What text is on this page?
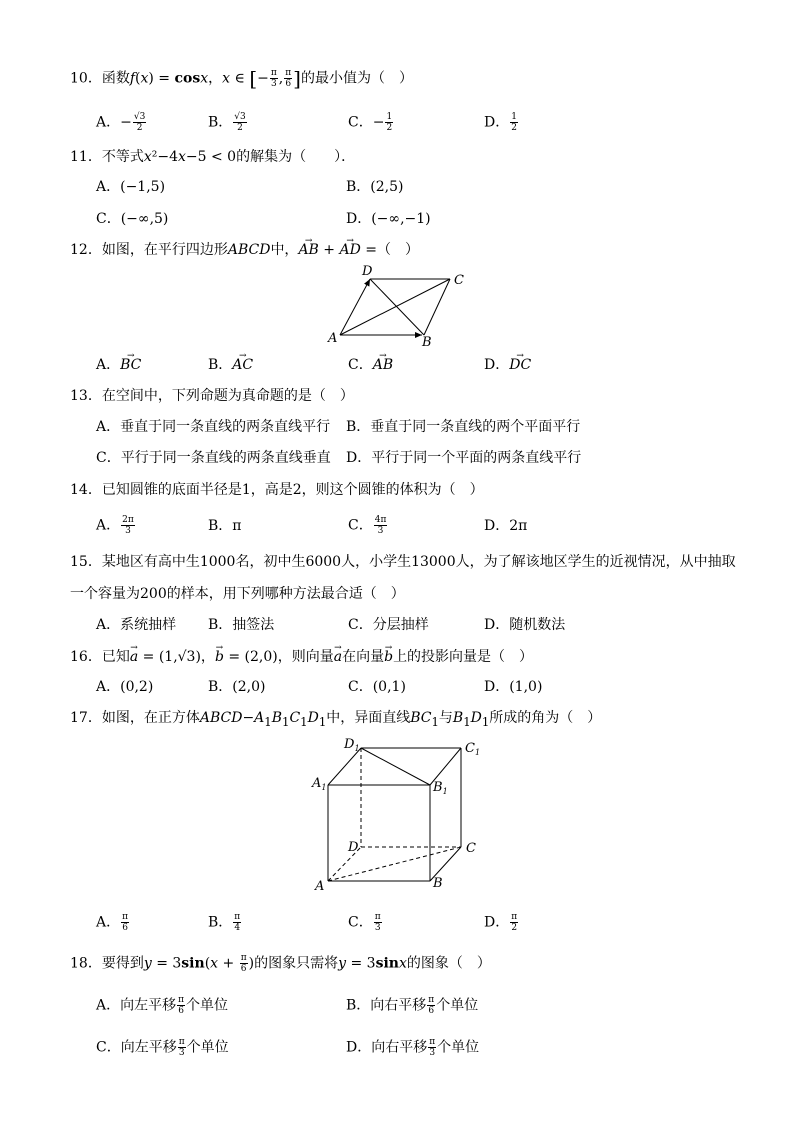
10．函数f(x) = cosx，x ∈ [− $\frac{\pi}{3}$ , $\frac{\pi}{6}$ ]的最小值为（　）
A．− $\frac{√3}{2}$	B． $\frac{√3}{2}$	C．− $\frac{1}{2}$	D． $\frac{1}{2}$
11．不等式x²−4x−5 < 0的解集为（　　）．
A．(−1,5)	B．(2,5)
C．(−∞,5)	D．(−∞,−1)
12．如图，在平行四边形ABCD中，→ AB + → AD =（　）
A	B
C
D
A．→ BC	B．→ AC	C．→ AB	D．→ DC
13．在空间中，下列命题为真命题的是（　）
A．垂直于同一条直线的两条直线平行 B．垂直于同一条直线的两个平面平行
C．平行于同一条直线的两条直线垂直 D．平行于同一个平面的两条直线平行
14．已知圆锥的底面半径是1，高是2，则这个圆锥的体积为（　）
A． $\frac{2\pi}{3}$	B．π	C． $\frac{4\pi}{3}$	D．2π
15．某地区有高中生1000名，初中生6000人，小学生13000人，为了解该地区学生的近视情况，从中抽取
一个容量为200的样本，用下列哪种方法最合适（　）
A．系统抽样 B．抽签法	C．分层抽样	D．随机数法
16．已知→ a = (1,√3)，→ b = (2,0)，则向量→ a在向量→ b上的投影向量是（　）
A．(0,2)	B．(2,0)	C．(0,1)	D．(1,0)
17．如图，在正方体$ABCD-A_1B_1C_1D_1$中，异面直线$BC_1$与$B_1D_1$所成的角为（　）
$D_1$	$C_1$
$A_1$	$B_1$
D	C
A	B
A． $\frac{\pi}{6}$	B． $\frac{\pi}{4}$	C． $\frac{\pi}{3}$	D． $\frac{\pi}{2}$
18．要得到$y = 3\sin(x + \frac{\pi}{6}$ )的图象只需将y = 3sinx的图象（　）
A．向左平移 $\frac{\pi}{6}$ 个单位	B．向右平移 $\frac{\pi}{6}$ 个单位
C．向左平移 $\frac{\pi}{3}$ 个单位	D．向右平移 $\frac{\pi}{3}$ 个单位
